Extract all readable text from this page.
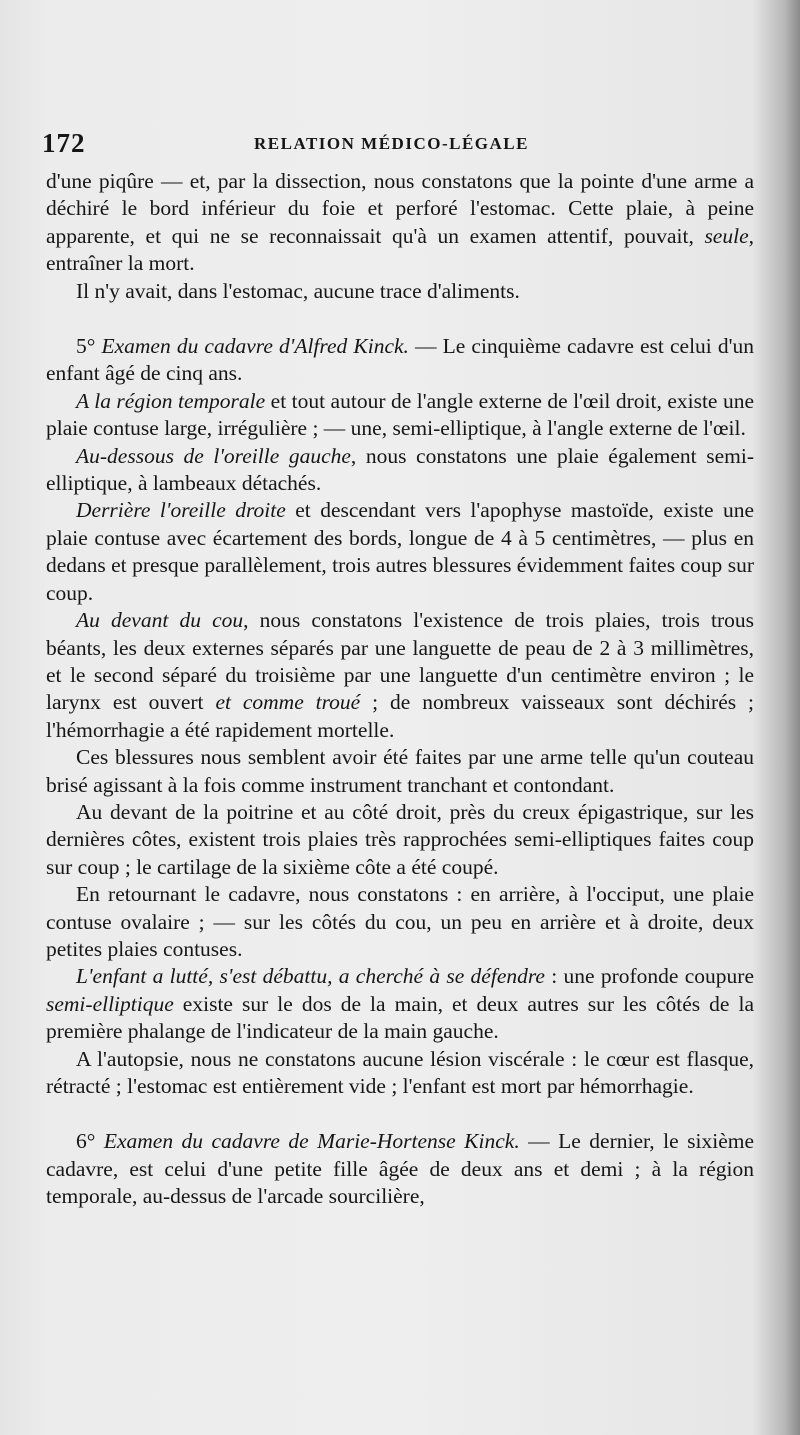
172	RELATION MÉDICO-LÉGALE

d'une piqûre — et, par la dissection, nous constatons que la pointe d'une arme a déchiré le bord inférieur du foie et perforé l'estomac. Cette plaie, à peine apparente, et qui ne se reconnaissait qu'à un examen attentif, pouvait, seule, entraîner la mort.

Il n'y avait, dans l'estomac, aucune trace d'aliments.

5° Examen du cadavre d'Alfred Kinck. — Le cinquième cadavre est celui d'un enfant âgé de cinq ans.

A la région temporale et tout autour de l'angle externe de l'œil droit, existe une plaie contuse large, irrégulière ; — une, semi-elliptique, à l'angle externe de l'œil.

Au-dessous de l'oreille gauche, nous constatons une plaie également semi-elliptique, à lambeaux détachés.

Derrière l'oreille droite et descendant vers l'apophyse mastoïde, existe une plaie contuse avec écartement des bords, longue de 4 à 5 centimètres, — plus en dedans et presque parallèlement, trois autres blessures évidemment faites coup sur coup.

Au devant du cou, nous constatons l'existence de trois plaies, trois trous béants, les deux externes séparés par une languette de peau de 2 à 3 millimètres, et le second séparé du troisième par une languette d'un centimètre environ ; le larynx est ouvert et comme troué ; de nombreux vaisseaux sont déchirés ; l'hémorrhagie a été rapidement mortelle.

Ces blessures nous semblent avoir été faites par une arme telle qu'un couteau brisé agissant à la fois comme instrument tranchant et contondant.

Au devant de la poitrine et au côté droit, près du creux épigastrique, sur les dernières côtes, existent trois plaies très rapprochées semi-elliptiques faites coup sur coup ; le cartilage de la sixième côte a été coupé.

En retournant le cadavre, nous constatons : en arrière, à l'occiput, une plaie contuse ovalaire ; — sur les côtés du cou, un peu en arrière et à droite, deux petites plaies contuses.

L'enfant a lutté, s'est débattu, a cherché à se défendre : une profonde coupure semi-elliptique existe sur le dos de la main, et deux autres sur les côtés de la première phalange de l'indicateur de la main gauche.

A l'autopsie, nous ne constatons aucune lésion viscérale : le cœur est flasque, rétracté ; l'estomac est entièrement vide ; l'enfant est mort par hémorrhagie.

6° Examen du cadavre de Marie-Hortense Kinck. — Le dernier, le sixième cadavre, est celui d'une petite fille âgée de deux ans et demi ; à la région temporale, au-dessus de l'arcade sourcilière,
